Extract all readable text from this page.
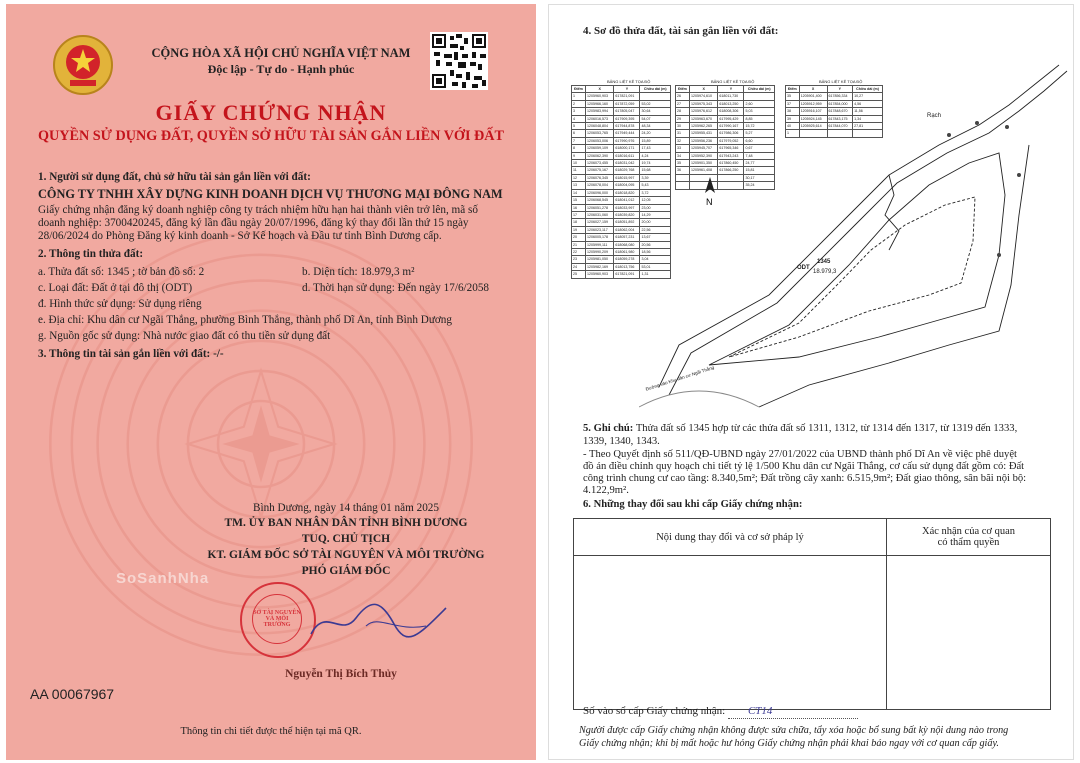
CỘNG HÒA XÃ HỘI CHỦ NGHĨA VIỆT NAM
Độc lập - Tự do - Hạnh phúc
GIẤY CHỨNG NHẬN
QUYỀN SỬ DỤNG ĐẤT, QUYỀN SỞ HỮU TÀI SẢN GẮN LIỀN VỚI ĐẤT
1. Người sử dụng đất, chủ sở hữu tài sản gắn liền với đất:
CÔNG TY TNHH XÂY DỰNG KINH DOANH DỊCH VỤ THƯƠNG MẠI ĐÔNG NAM
Giấy chứng nhận đăng ký doanh nghiệp công ty trách nhiệm hữu hạn hai thành viên trở lên, mã số
doanh nghiệp: 3700420245, đăng ký lần đầu ngày 20/07/1996, đăng ký thay đổi lần thứ 15 ngày
28/06/2024 do Phòng Đăng ký kinh doanh - Sở Kế hoạch và Đầu tư tỉnh Bình Dương cấp.
2. Thông tin thửa đất:
a. Thửa đất số: 1345 ; tờ bản đồ số: 2	b. Diện tích: 18.979,3 m²
c. Loại đất: Đất ở tại đô thị (ODT)	d. Thời hạn sử dụng: Đến ngày 17/6/2058
đ. Hình thức sử dụng: Sử dụng riêng
e. Địa chỉ: Khu dân cư Ngãi Thắng, phường Bình Thắng, thành phố Dĩ An, tỉnh Bình Dương
g. Nguồn gốc sử dụng: Nhà nước giao đất có thu tiền sử dụng đất
3. Thông tin tài sản gắn liền với đất: -/-
Bình Dương, ngày 14 tháng 01 năm 2025
TM. ỦY BAN NHÂN DÂN TỈNH BÌNH DƯƠNG
TUQ. CHỦ TỊCH
KT. GIÁM ĐỐC SỞ TÀI NGUYÊN VÀ MÔI TRƯỜNG
PHÓ GIÁM ĐỐC
SoSanhNha
SỞ TÀI NGUYÊN VÀ MÔI TRƯỜNG
Nguyễn Thị Bích Thủy
AA 00067967
Thông tin chi tiết được thể hiện tại mã QR.
4. Sơ đồ thửa đất, tài sản gắn liền với đất:
BẢNG LIỆT KÊ TỌA ĐỘ
Điểm	X	Y	Chiều dài (m)
1	1205960,903	617821,091	
2	1205966,160	617872,059	53,02
3	1205983,994	617805,047	30,64
4	1206016,573	617909,395	54,07
5	1206048,804	617944,878	48,34
6	1206053,765	617949,444	24,20
7	1206053,006	617990,976	15,89
8	1206059,109	618000,171	17,43
9	1206062,390	618016,611	4,24
10	1206073,455	618031,042	19,74
11	1206075,167	618029,768	15,68
12	1206076,345	618015,997	3,39
13	1206078,004	618004,095	5,43
14	1206096,000	618018,820	3,72
15	1206068,545	618041,012	12,05
16	1206051,278	618033,997	23,00
17	1206031,060	618039,820	14,29
18	1206027,159	618051,892	20,00
19	1206023,117	618062,004	22,56
20	1206005,178	618057,231	13,67
21	1205999,111	618068,080	20,56
22	1205990,209	618061,980	18,56
23	1205981,050	618059,278	3,04
24	1205982,169	618013,756	53,01
25	1205960,903	617821,091	1,31
BẢNG LIỆT KÊ TỌA ĐỘ
Điểm	X	Y	Chiều dài (m)
26	1205974,610	618011,730	
27	1205975,343	618013,250	2,60
28	1205976,612	618008,306	5,03
29	1205963,670	617995,429	8,85
30	1205962,265	617990,167	15,72
31	1205955,431	617986,306	5,27
32	1205956,236	617979,052	6,60
33	1205945,707	617965,346	0,67
34	1205952,390	617943,243	7,48
35	1205901,350	617860,450	24,77
36	1205961,408	617866,250	15,81
			30,17
			35,24
BẢNG LIỆT KÊ TỌA ĐỘ
Điểm	X	Y	Chiều dài (m)
35	1205901,400	617856,334	10,27
37	1205912,959	617854,000	4,56
38	1205916,107	617848,670	11,56
39	1205924,145	617843,175	1,34
40	1205925,614	617844,070	27,81
1			
ODT
1345
18.979,3
Rạch
Đường vào Khu dân cư Ngãi Thắng
N
5. Ghi chú: Thửa đất số 1345 hợp từ các thửa đất số 1311, 1312, từ 1314 đến 1317, từ 1319 đến 1333,
1339, 1340, 1343.
- Theo Quyết định số 511/QĐ-UBND ngày 27/01/2022 của UBND thành phố Dĩ An về việc phê duyệt
đồ án điều chỉnh quy hoạch chi tiết tỷ lệ 1/500 Khu dân cư Ngãi Thắng, cơ cấu sử dụng đất gồm có: Đất
công trình chung cư cao tầng: 8.340,5m²; Đất trồng cây xanh: 6.515,9m²; Đất giao thông, sân bãi nội bộ:
4.122,9m².
6. Những thay đổi sau khi cấp Giấy chứng nhận:
Nội dung thay đổi và cơ sở pháp lý	Xác nhận của cơ quan
có thẩm quyền

Số vào sổ cấp Giấy chứng nhận: CT14
Người được cấp Giấy chứng nhận không được sửa chữa, tẩy xóa hoặc bổ sung bất kỳ nội dung nào trong
Giấy chứng nhận; khi bị mất hoặc hư hỏng Giấy chứng nhận phải khai báo ngay với cơ quan cấp giấy.
